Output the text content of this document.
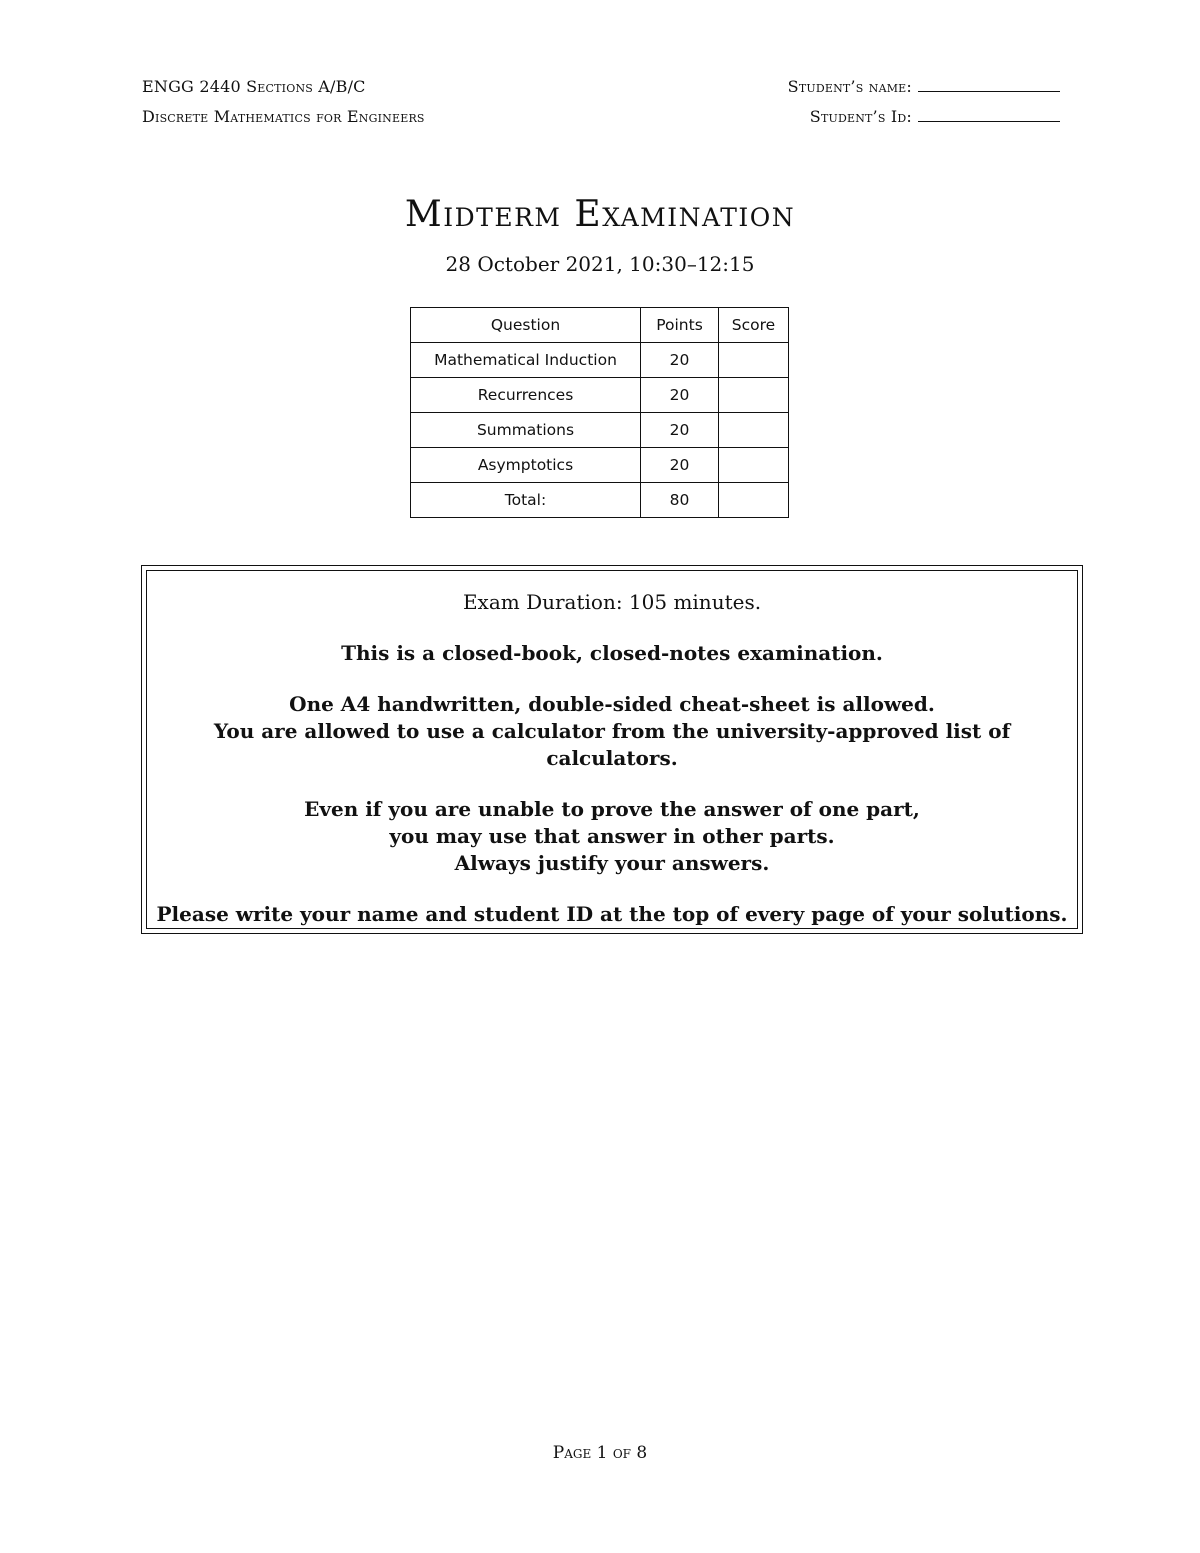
ENGG 2440 Sections A/B/C
Discrete Mathematics for Engineers
Student’s name:
Student’s Id:
Midterm Examination
28 October 2021, 10:30–12:15
Question	Points	Score
Mathematical Induction	20	
Recurrences	20	
Summations	20	
Asymptotics	20	
Total:	80	

Exam Duration: 105 minutes.

This is a closed-book, closed-notes examination.

One A4 handwritten, double-sided cheat-sheet is allowed.

You are allowed to use a calculator from the university-approved list of calculators.

Even if you are unable to prove the answer of one part,

you may use that answer in other parts.

Always justify your answers.

Please write your name and student ID at the top of every page of your solutions.

Page 1 of 8
